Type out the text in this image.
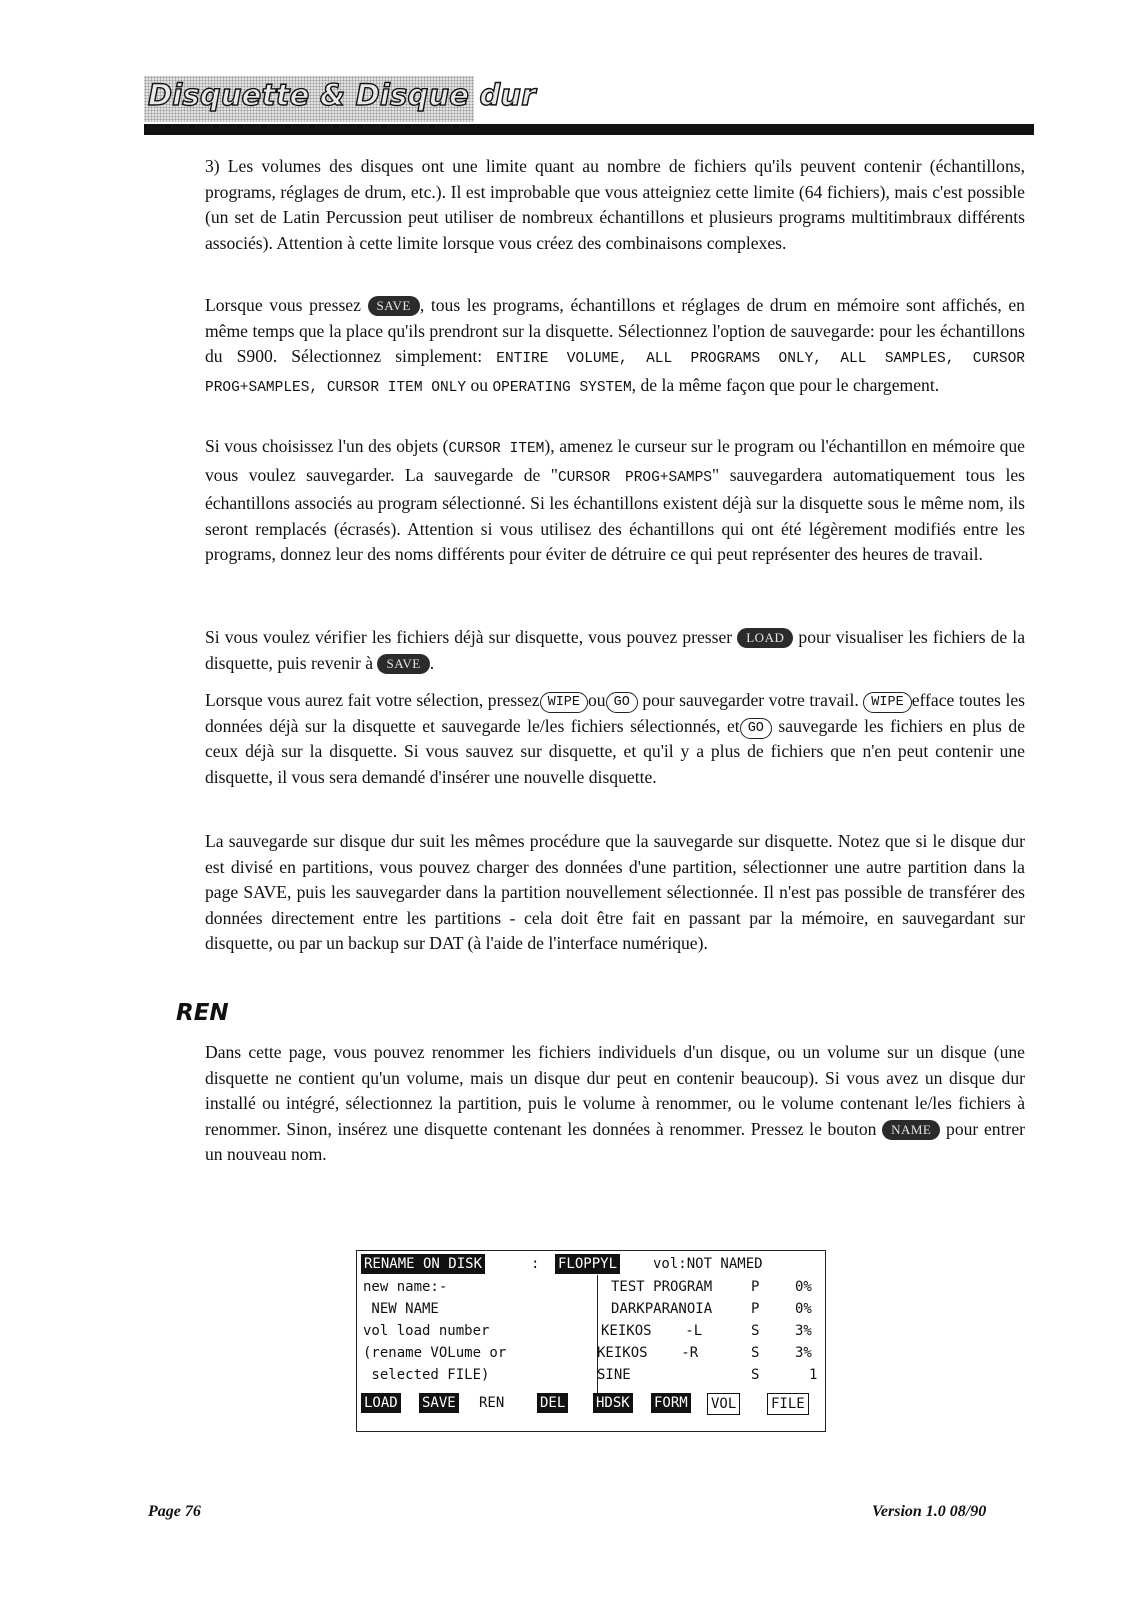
Disquette & Disque dur

3) Les volumes des disques ont une limite quant au nombre de fichiers qu'ils peuvent contenir (échantillons, programs, réglages de drum, etc.). Il est improbable que vous atteigniez cette limite (64 fichiers), mais c'est possible (un set de Latin Percussion peut utiliser de nombreux échantillons et plusieurs programs multitimbraux différents associés). Attention à cette limite lorsque vous créez des combinaisons complexes.

Lorsque vous pressez SAVE , tous les programs, échantillons et réglages de drum en mémoire sont affichés, en même temps que la place qu'ils prendront sur la disquette. Sélectionnez l'option de sauvegarde: pour les échantillons du S900. Sélectionnez simplement: ENTIRE VOLUME, ALL PROGRAMS ONLY, ALL SAMPLES, CURSOR PROG+SAMPLES, CURSOR ITEM ONLY ou OPERATING SYSTEM, de la même façon que pour le chargement.

Si vous choisissez l'un des objets (CURSOR ITEM), amenez le curseur sur le program ou l'échantillon en mémoire que vous voulez sauvegarder. La sauvegarde de "CURSOR PROG+SAMPS" sauvegardera automatiquement tous les échantillons associés au program sélectionné. Si les échantillons existent déjà sur la disquette sous le même nom, ils seront remplacés (écrasés). Attention si vous utilisez des échantillons qui ont été légèrement modifiés entre les programs, donnez leur des noms différents pour éviter de détruire ce qui peut représenter des heures de travail.

Si vous voulez vérifier les fichiers déjà sur disquette, vous pouvez presser LOAD pour visualiser les fichiers de la disquette, puis revenir à SAVE .

Lorsque vous aurez fait votre sélection, pressez WIPE ou GO pour sauvegarder votre travail. WIPE efface toutes les données déjà sur la disquette et sauvegarde le/les fichiers sélectionnés, et GO sauvegarde les fichiers en plus de ceux déjà sur la disquette. Si vous sauvez sur disquette, et qu'il y a plus de fichiers que n'en peut contenir une disquette, il vous sera demandé d'insérer une nouvelle disquette.

La sauvegarde sur disque dur suit les mêmes procédure que la sauvegarde sur disquette. Notez que si le disque dur est divisé en partitions, vous pouvez charger des données d'une partition, sélectionner une autre partition dans la page SAVE, puis les sauvegarder dans la partition nouvellement sélectionnée. Il n'est pas possible de transférer des données directement entre les partitions - cela doit être fait en passant par la mémoire, en sauvegardant sur disquette, ou par un backup sur DAT (à l'aide de l'interface numérique).

REN

Dans cette page, vous pouvez renommer les fichiers individuels d'un disque, ou un volume sur un disque (une disquette ne contient qu'un volume, mais un disque dur peut en contenir beaucoup). Si vous avez un disque dur installé ou intégré, sélectionnez la partition, puis le volume à renommer, ou le volume contenant le/les fichiers à renommer. Sinon, insérez une disquette contenant les données à renommer. Pressez le bouton NAME pour entrer un nouveau nom.

RENAME ON DISK	: FLOPPYL	vol:NOT NAMED
new name:-
NEW NAME
vol load number
(rename VOLume or
selected FILE)
TEST PROGRAM	P	0%
DARKPARANOIA	P	0%
KEIKOS    -L	S	3%
KEIKOS    -R	S	3%
SINE	S	1
LOAD SAVE REN	DEL HDSK FORM VOL FILE
Page 76	Version 1.0 08/90
